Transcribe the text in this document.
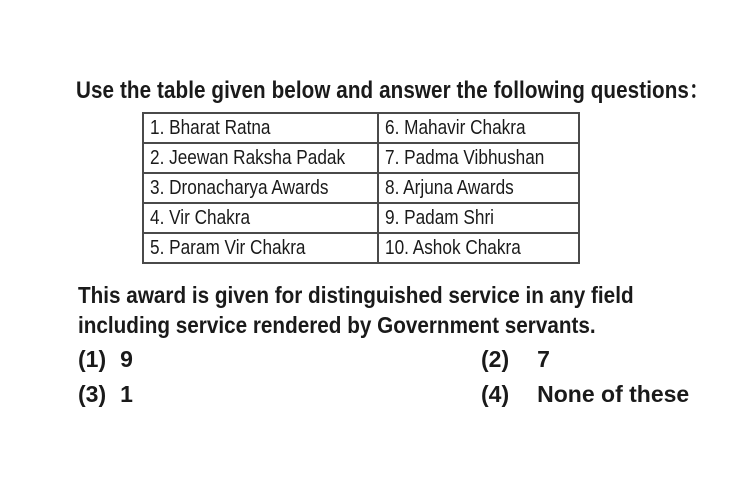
Use the table given below and answer the following questions：
1. Bharat Ratna	6. Mahavir Chakra
2. Jeewan Raksha Padak	7. Padma Vibhushan
3. Dronacharya Awards	8. Arjuna Awards
4. Vir Chakra	9. Padam Shri
5. Param Vir Chakra	10. Ashok Chakra
This award is given for distinguished service in any field
including service rendered by Government servants.
(1) 9	(2) 7
(3) 1	(4) None of these
